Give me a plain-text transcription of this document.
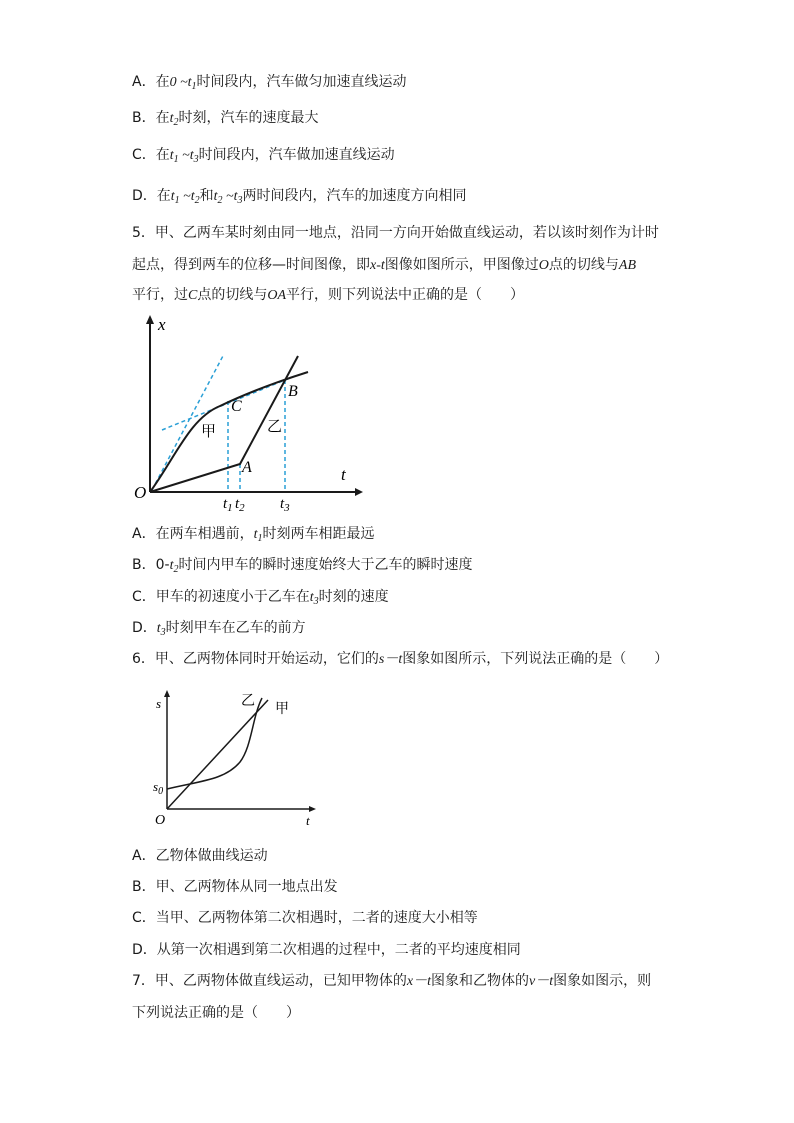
A．在0 $\sim t_1$时间段内，汽车做匀加速直线运动
B．在$t_2$时刻，汽车的速度最大
C．在$t_1$ $\sim t_3$时间段内，汽车做加速直线运动
D．在$t_1$ $\sim t_2$和$t_2$ $\sim t_3$两时间段内，汽车的加速度方向相同
5．甲、乙两车某时刻由同一地点，沿同一方向开始做直线运动，若以该时刻作为计时
起点，得到两车的位移—时间图像，即x-t图像如图所示，甲图像过O点的切线与AB
平行，过C点的切线与OA平行，则下列说法中正确的是（　　）
x
t
O
A
B
C
甲	乙
$t_1$ $t_2$ $t_3$
A．在两车相遇前，$t_1$时刻两车相距最远
B．$0-t_2$时间内甲车的瞬时速度始终大于乙车的瞬时速度
C．甲车的初速度小于乙车在$t_3$时刻的速度
D．$t_3$时刻甲车在乙车的前方
6．甲、乙两物体同时开始运动，它们的s－t图象如图所示，下列说法正确的是（　　）
s
t
O
$s_0$
乙
甲
A．乙物体做曲线运动
B．甲、乙两物体从同一地点出发
C．当甲、乙两物体第二次相遇时，二者的速度大小相等
D．从第一次相遇到第二次相遇的过程中，二者的平均速度相同
7．甲、乙两物体做直线运动，已知甲物体的x－t图象和乙物体的v－t图象如图示，则
下列说法正确的是（　　）
